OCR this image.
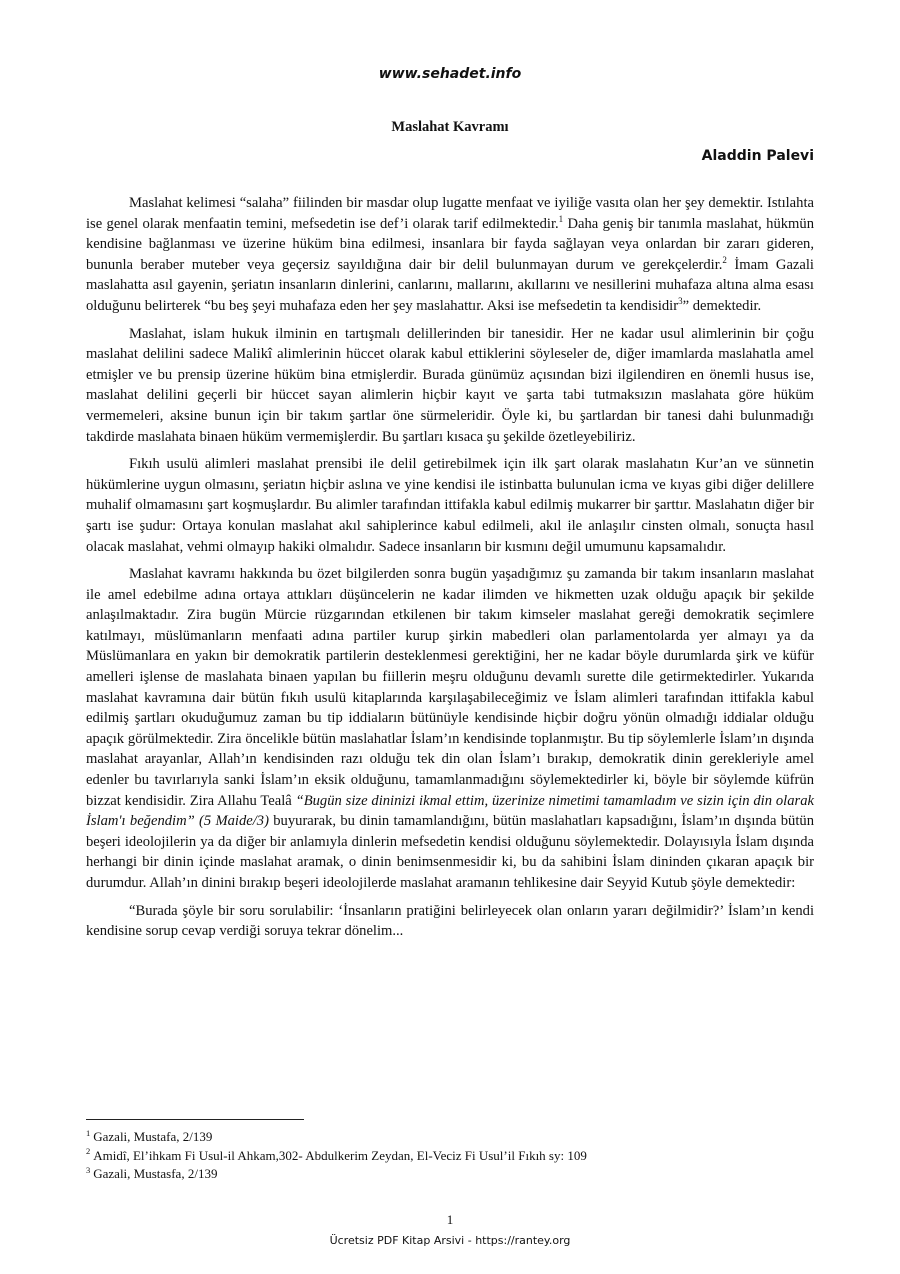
www.sehadet.info
Maslahat Kavramı
Aladdin Palevi

Maslahat kelimesi “salaha” fiilinden bir masdar olup lugatte menfaat ve iyiliğe vasıta olan her şey demektir. Istılahta ise genel olarak menfaatin temini, mefsedetin ise def’i olarak tarif edilmektedir.$^1$ Daha geniş bir tanımla maslahat, hükmün kendisine bağlanması ve üzerine hüküm bina edilmesi, insanlara bir fayda sağlayan veya onlardan bir zararı gideren, bununla beraber muteber veya geçersiz sayıldığına dair bir delil bulunmayan durum ve gerekçelerdir.$^2$ İmam Gazali maslahatta asıl gayenin, şeriatın insanların dinlerini, canlarını, mallarını, akıllarını ve nesillerini muhafaza altına alma esası olduğunu belirterek “bu beş şeyi muhafaza eden her şey maslahattır. Aksi ise mefsedetin ta kendisidir$^3$” demektedir.

Maslahat, islam hukuk ilminin en tartışmalı delillerinden bir tanesidir. Her ne kadar usul alimlerinin bir çoğu maslahat delilini sadece Malikî alimlerinin hüccet olarak kabul ettiklerini söyleseler de, diğer imamlarda maslahatla amel etmişler ve bu prensip üzerine hüküm bina etmişlerdir. Burada günümüz açısından bizi ilgilendiren en önemli husus ise, maslahat delilini geçerli bir hüccet sayan alimlerin hiçbir kayıt ve şarta tabi tutmaksızın maslahata göre hüküm vermemeleri, aksine bunun için bir takım şartlar öne sürmeleridir. Öyle ki, bu şartlardan bir tanesi dahi bulunmadığı takdirde maslahata binaen hüküm vermemişlerdir. Bu şartları kısaca şu şekilde özetleyebiliriz.

Fıkıh usulü alimleri maslahat prensibi ile delil getirebilmek için ilk şart olarak maslahatın Kur’an ve sünnetin hükümlerine uygun olmasını, şeriatın hiçbir aslına ve yine kendisi ile istinbatta bulunulan icma ve kıyas gibi diğer delillere muhalif olmamasını şart koşmuşlardır. Bu alimler tarafından ittifakla kabul edilmiş mukarrer bir şarttır. Maslahatın diğer bir şartı ise şudur: Ortaya konulan maslahat akıl sahiplerince kabul edilmeli, akıl ile anlaşılır cinsten olmalı, sonuçta hasıl olacak maslahat, vehmi olmayıp hakiki olmalıdır. Sadece insanların bir kısmını değil umumunu kapsamalıdır.

Maslahat kavramı hakkında bu özet bilgilerden sonra bugün yaşadığımız şu zamanda bir takım insanların maslahat ile amel edebilme adına ortaya attıkları düşüncelerin ne kadar ilimden ve hikmetten uzak olduğu apaçık bir şekilde anlaşılmaktadır. Zira bugün Mürcie rüzgarından etkilenen bir takım kimseler maslahat gereği demokratik seçimlere katılmayı, müslümanların menfaati adına partiler kurup şirkin mabedleri olan parlamentolarda yer almayı ya da Müslümanlara en yakın bir demokratik partilerin desteklenmesi gerektiğini, her ne kadar böyle durumlarda şirk ve küfür amelleri işlense de maslahata binaen yapılan bu fiillerin meşru olduğunu devamlı surette dile getirmektedirler. Yukarıda maslahat kavramına dair bütün fıkıh usulü kitaplarında karşılaşabileceğimiz ve İslam alimleri tarafından ittifakla kabul edilmiş şartları okuduğumuz zaman bu tip iddiaların bütünüyle kendisinde hiçbir doğru yönün olmadığı iddialar olduğu apaçık görülmektedir. Zira öncelikle bütün maslahatlar İslam’ın kendisinde toplanmıştır. Bu tip söylemlerle İslam’ın dışında maslahat arayanlar, Allah’ın kendisinden razı olduğu tek din olan İslam’ı bırakıp, demokratik dinin gerekleriyle amel edenler bu tavırlarıyla sanki İslam’ın eksik olduğunu, tamamlanmadığını söylemektedirler ki, böyle bir söylemde küfrün bizzat kendisidir. Zira Allahu Tealâ “Bugün size dininizi ikmal ettim, üzerinize nimetimi tamamladım ve sizin için din olarak İslam'ı beğendim” (5 Maide/3) buyurarak, bu dinin tamamlandığını, bütün maslahatları kapsadığını, İslam’ın dışında bütün beşeri ideolojilerin ya da diğer bir anlamıyla dinlerin mefsedetin kendisi olduğunu söylemektedir. Dolayısıyla İslam dışında herhangi bir dinin içinde maslahat aramak, o dinin benimsenmesidir ki, bu da sahibini İslam dininden çıkaran apaçık bir durumdur. Allah’ın dinini bırakıp beşeri ideolojilerde maslahat aramanın tehlikesine dair Seyyid Kutub şöyle demektedir:

“Burada şöyle bir soru sorulabilir: ‘İnsanların pratiğini belirleyecek olan onların yararı değilmidir?’ İslam’ın kendi kendisine sorup cevap verdiği soruya tekrar dönelim...

$^1$ Gazali, Mustafa, 2/139
$^2$ Amidî, El’ihkam Fi Usul-il Ahkam,302- Abdulkerim Zeydan, El-Veciz Fi Usul’il Fıkıh sy: 109
$^3$ Gazali, Mustasfa, 2/139
1
Ücretsiz PDF Kitap Arsivi - https://rantey.org
